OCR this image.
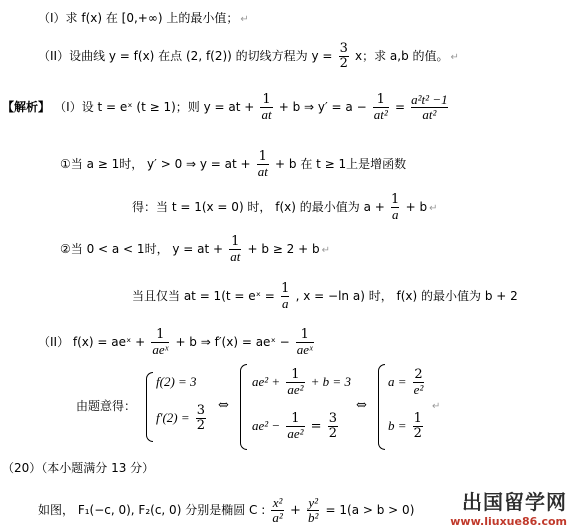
（I）求 f(x) 在 [0,+∞) 上的最小值； ↵
（II）设曲线 y = f(x) 在点 (2, f(2)) 的切线方程为 $y = \frac{3}{2}$ x；求 a,b 的值。 ↵
【解析】 （I）设 t = eˣ (t ≥ 1)；则 y = at + $\frac{1}{at} + b$ ⇒ $y' = a - \frac{1}{\text{at²}} = \frac{\text{a²t² −1}}{\text{at²}}$
①当 a ≥ 1时， y′ > 0 ⇒ y = at + $\frac{1}{at} + b$ 在 t ≥ 1上是增函数
得：当 t = 1(x = 0) 时， f(x) 的最小值为 $a + \frac{1}{a} + b$ ↵
②当 0 < a < 1时， y = at + $\frac{1}{at} + b \ge 2 + b$ ↵
当且仅当 at = 1(t = eˣ = $\frac{1}{a}$ , x = −ln a) 时， f(x) 的最小值为 b + 2
（II） f(x) = aeˣ + $\frac{1}{\text{aeˣ}} + b$ ⇒ f′(x) = aeˣ − $\frac{1}{\text{aeˣ}}$
由题意得：
f(2) = 3
$f'(2) = \frac{3}{2}$ ⇔
$ae^2 + \frac{1}{\text{ae²}} + b = 3$
$ae^2 - \frac{1}{\text{ae²}} = \frac{3}{2}$
⇔
$a = \frac{2}{\text{e²}}$
$b = \frac{1}{2}$
↵
（20）（本小题满分 13 分）
如图， F₁(−c, 0), F₂(c, 0) 分别是椭圆 C : $\frac{\text{x²}}{\text{a²}} + \frac{\text{y²}}{\text{b²}} = 1(a > b > 0)$	出国留学网
www.liuxue86.com
